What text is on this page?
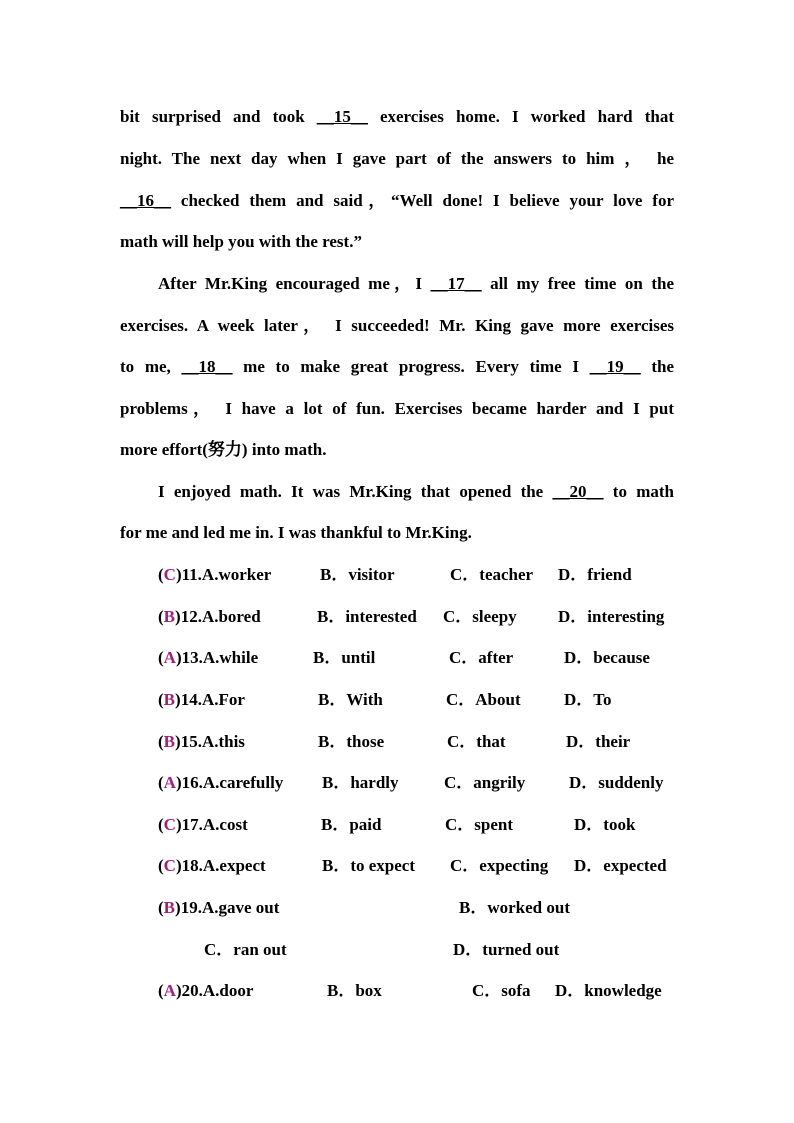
bit surprised and took __15__ exercises home. I worked hard that
night. The next day when I gave part of the answers to him ， he
__16__ checked them and said，“Well done! I believe your love for
math will help you with the rest.”
After Mr.King encouraged me，I __17__ all my free time on the
exercises. A week later， I succeeded! Mr. King gave more exercises
to me, __18__ me to make great progress. Every time I __19__ the
problems， I have a lot of fun. Exercises became harder and I put
more effort(努力) into math.
I enjoyed math. It was Mr.King that opened the __20__ to math
for me and led me in. I was thankful to Mr.King.
(C)11.A.worker	B．visitor	C．teacher D．friend
(B)12.A.bored	B．interested C．sleepy D．interesting
(A)13.A.while	B．until	C．after	D．because
(B)14.A.For	B．With	C．About	D．To
(B)15.A.this	B．those	C．that	D．their
(A)16.A.carefully B．hardly	C．angrily	D．suddenly
(C)17.A.cost	B．paid	C．spent	D．took
(C)18.A.expect	B．to expect C．expecting D．expected
(B)19.A.gave out	B．worked out
C．ran out	D．turned out
(A)20.A.door	B．box	C．sofa D．knowledge
